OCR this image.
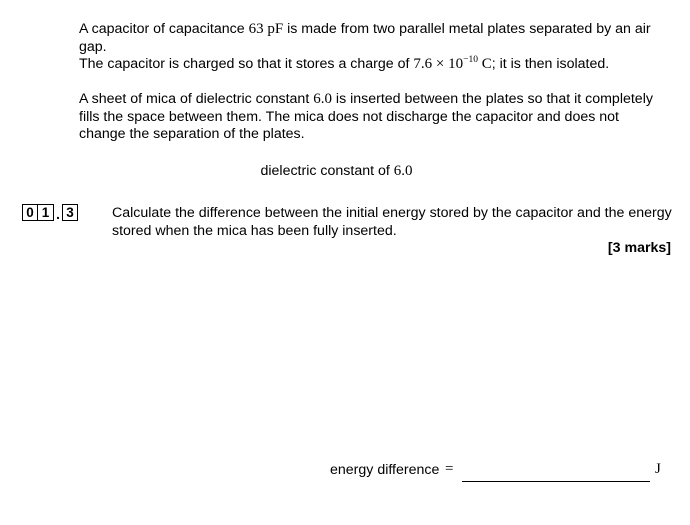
A capacitor of capacitance 63 pF is made from two parallel metal plates separated by an air gap.
The capacitor is charged so that it stores a charge of $7.6 \times 10^{-10}$ C; it is then isolated.
A sheet of mica of dielectric constant 6.0 is inserted between the plates so that it completely fills the space between them. The mica does not discharge the capacitor and does not change the separation of the plates.
dielectric constant of 6.0
0 1 . 3	Calculate the difference between the initial energy stored by the capacitor and the energy stored when the mica has been fully inserted.
[3 marks]
energy difference =	J
